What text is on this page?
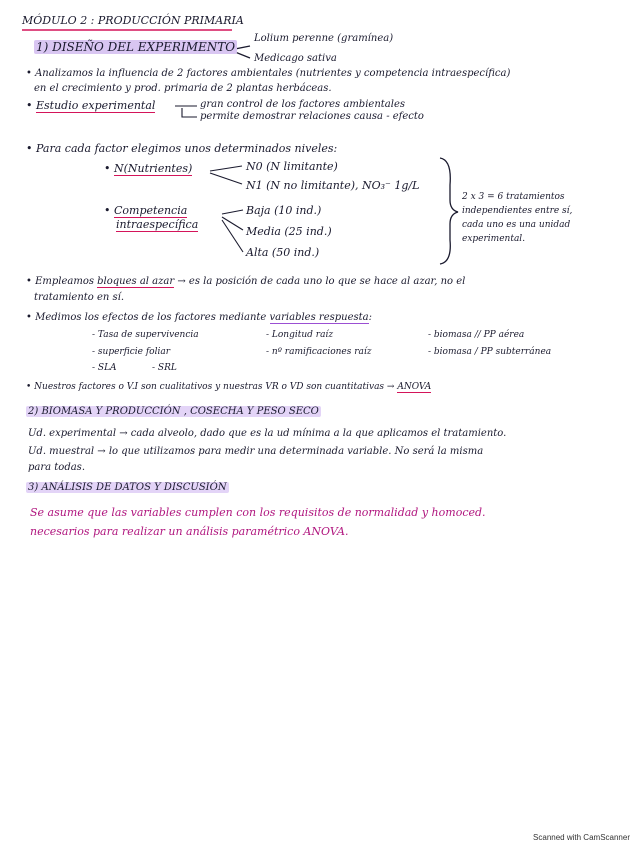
MÓDULO 2 : PRODUCCIÓN PRIMARIA
1) DISEÑO DEL EXPERIMENTO
Lolium perenne (gramínea)
Medicago sativa
• Analizamos la influencia de 2 factores ambientales (nutrientes y competencia intraespecífica)
en el crecimiento y prod. primaria de 2 plantas herbáceas.
• Estudio experimental	gran control de los factores ambientales
permite demostrar relaciones causa - efecto
• Para cada factor elegimos unos determinados niveles:
• N(Nutrientes)	N0 (N limitante)
N1 (N no limitante), NO₃⁻ 1g/L
• Competencia
intraespecífica
Baja (10 ind.)
Media (25 ind.)
Alta (50 ind.)
2 x 3 = 6 tratamientos
independientes entre sí,
cada uno es una unidad
experimental.
• Empleamos bloques al azar → es la posición de cada uno lo que se hace al azar, no el
tratamiento en sí.
• Medimos los efectos de los factores mediante variables respuesta:
- Tasa de supervivencia	- Longitud raíz	- biomasa // PP aérea
- superficie foliar	- nº ramificaciones raíz	- biomasa / PP subterránea
- SLA	- SRL
• Nuestros factores o V.I son cualitativos y nuestras VR o VD son cuantitativas → ANOVA
2) BIOMASA Y PRODUCCIÓN , COSECHA Y PESO SECO
Ud. experimental → cada alveolo, dado que es la ud mínima a la que aplicamos el tratamiento.
Ud. muestral → lo que utilizamos para medir una determinada variable. No será la misma
para todas.
3) ANÁLISIS DE DATOS Y DISCUSIÓN
Se asume que las variables cumplen con los requisitos de normalidad y homoced.
necesarios para realizar un análisis paramétrico ANOVA.
Scanned with CamScanner
